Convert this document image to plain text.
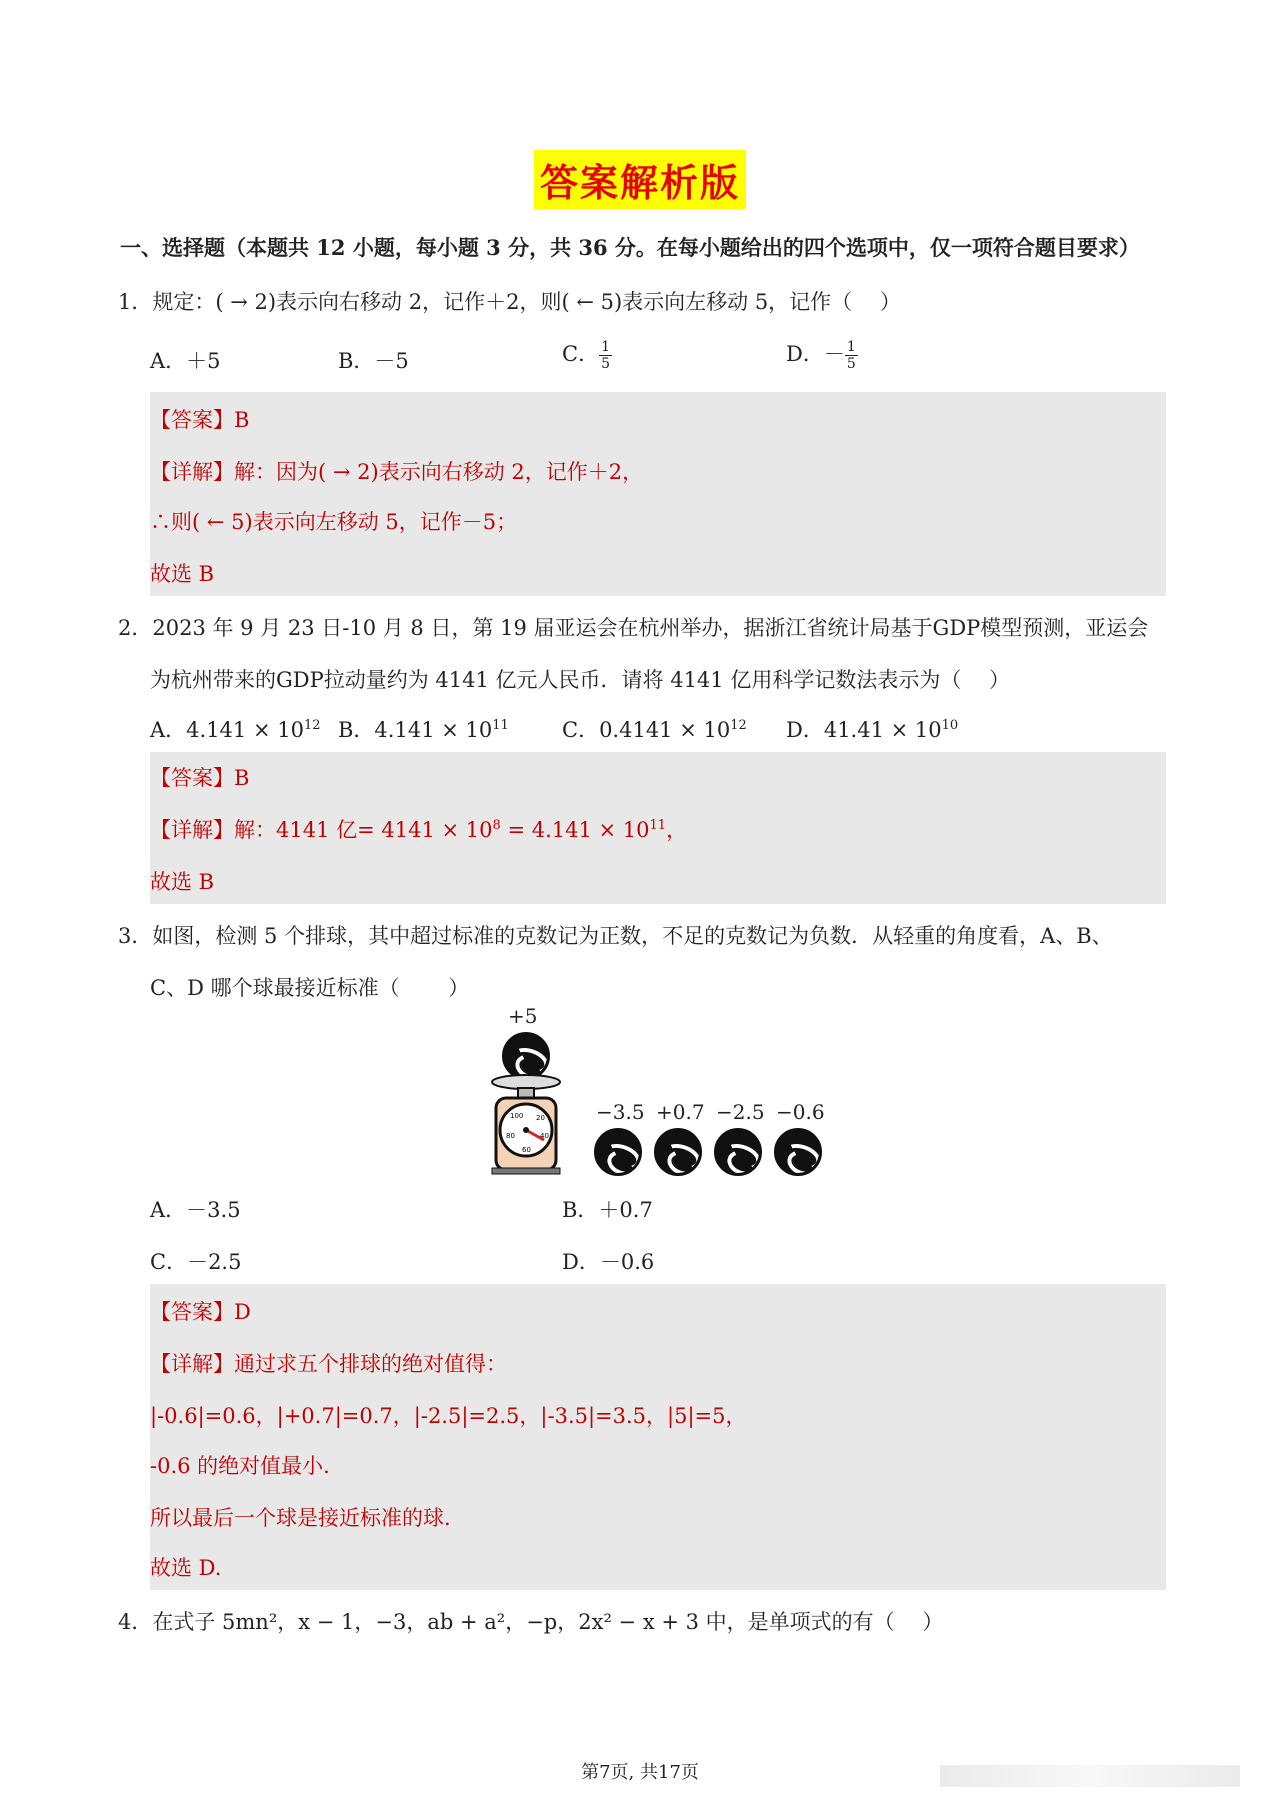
答案解析版
一、选择题（本题共 12 小题，每小题 3 分，共 36 分。在每小题给出的四个选项中，仅一项符合题目要求）
1．规定：( → 2)表示向右移动 2，记作＋2，则( ← 5)表示向左移动 5，记作（　 ）
A．＋5	B．－5	C． $\frac{1}{5}$	D．－ $\frac{1}{5}$
【答案】B
【详解】解：因为( → 2)表示向右移动 2，记作＋2，
∴则( ← 5)表示向左移动 5，记作－5；
故选 B
2．2023 年 9 月 23 日-10 月 8 日，第 19 届亚运会在杭州举办，据浙江省统计局基于GDP模型预测，亚运会
为杭州带来的GDP拉动量约为 4141 亿元人民币．请将 4141 亿用科学记数法表示为（　 ）
A．$4.141 \times 10^{12}$ B．$4.141 \times 10^{11}$	C．$0.4141 \times 10^{12}$ D．$41.41 \times 10^{10}$
【答案】B
【详解】解：4141 亿= $4141 \times 10^8 = 4.141 \times 10^{11}$，
故选 B
3．如图，检测 5 个排球，其中超过标准的克数记为正数，不足的克数记为负数．从轻重的角度看，A、B、
C、D 哪个球最接近标准（　　 ）
+5
100 20
80	40
60
−3.5 +0.7 −2.5 −0.6
A．－3.5	B．＋0.7
C．－2.5	D．－0.6
【答案】D
【详解】通过求五个排球的绝对值得：
|-0.6|=0.6，|+0.7|=0.7，|-2.5|=2.5，|-3.5|=3.5，|5|=5，
-0.6 的绝对值最小.
所以最后一个球是接近标准的球.
故选 D.
4．在式子 5mn²，x − 1，−3，ab + a²，−p，2x² − x + 3 中，是单项式的有（　 ）
第7页, 共17页
